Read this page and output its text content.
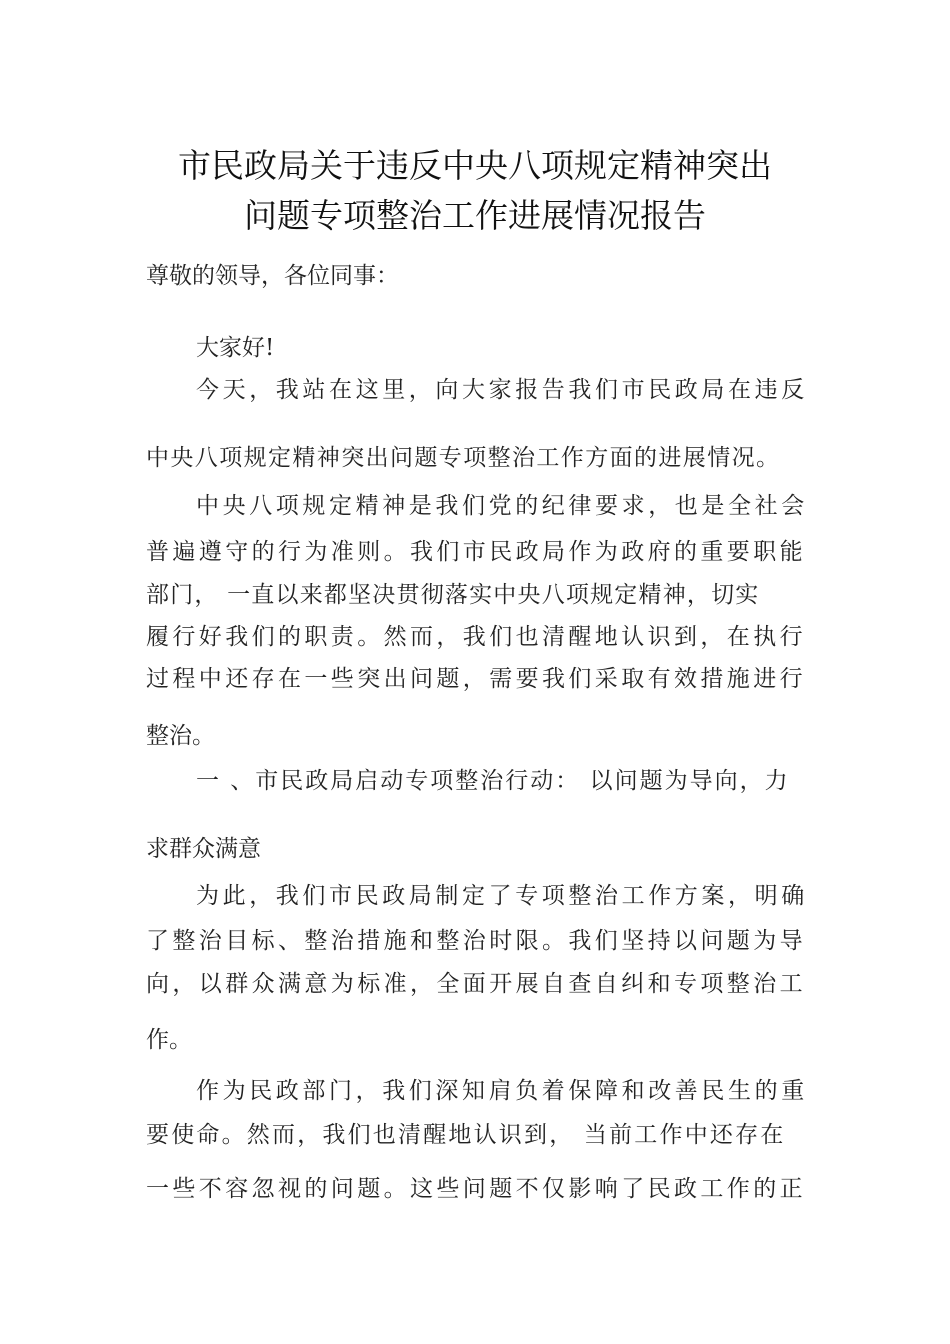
市民政局关于违反中央八项规定精神突出
问题专项整治工作进展情况报告
尊敬的领导，各位同事：
大家好!
今天，我站在这里，向大家报告我们市民政局在违反
中央八项规定精神突出问题专项整治工作方面的进展情况。
中央八项规定精神是我们党的纪律要求，也是全社会
普遍遵守的行为准则。我们市民政局作为政府的重要职能
部门， 一直以来都坚决贯彻落实中央八项规定精神，切实
履行好我们的职责。然而，我们也清醒地认识到，在执行
过程中还存在一些突出问题，需要我们采取有效措施进行
整治。
一 、市民政局启动专项整治行动： 以问题为导向，力
求群众满意
为此，我们市民政局制定了专项整治工作方案，明确
了整治目标、整治措施和整治时限。我们坚持以问题为导
向，以群众满意为标准，全面开展自查自纠和专项整治工
作。
作为民政部门，我们深知肩负着保障和改善民生的重
要使命。然而，我们也清醒地认识到， 当前工作中还存在
一些不容忽视的问题。这些问题不仅影响了民政工作的正
